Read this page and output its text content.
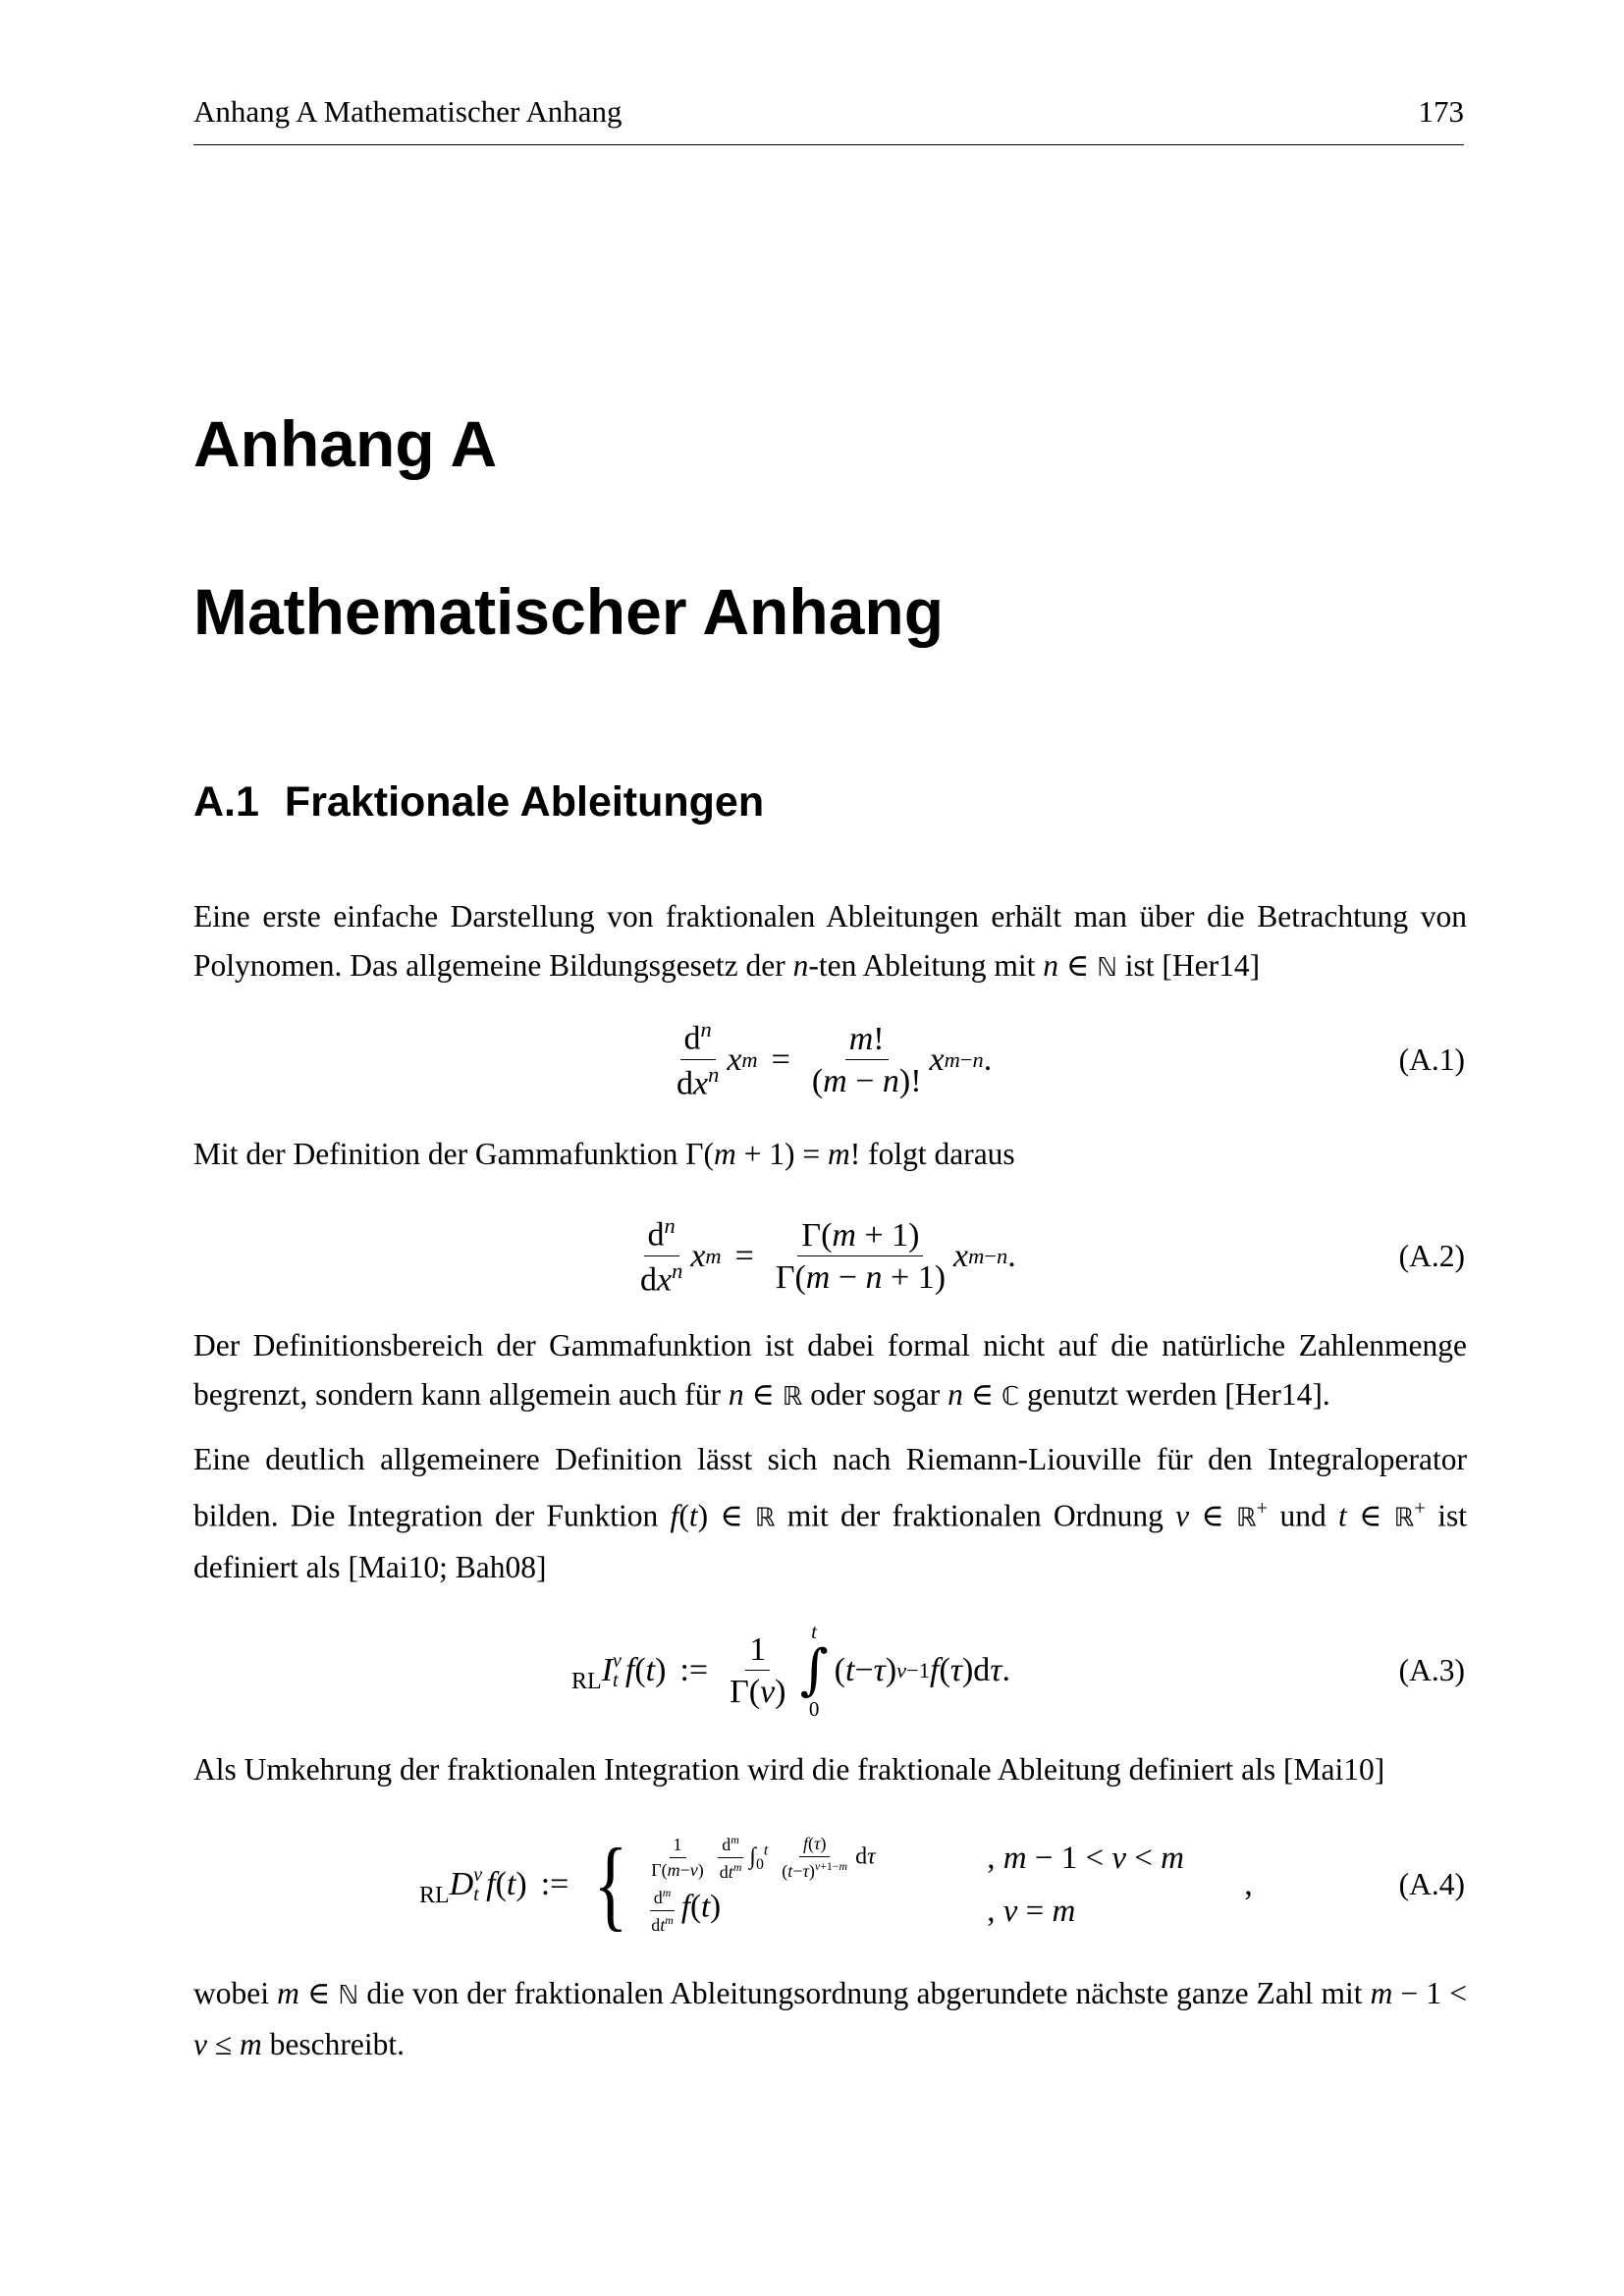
Anhang A Mathematischer Anhang	173
Anhang A
Mathematischer Anhang
A.1 Fraktionale Ableitungen
Eine erste einfache Darstellung von fraktionalen Ableitungen erhält man über die Betrachtung von Polynomen. Das allgemeine Bildungsgesetz der n-ten Ableitung mit n ∈ ℕ ist [Her14]
$\frac{d^n}{dx^n}$ x $m = \frac{m!}{(m - n)!}$ x m−n .	(A.1)
Mit der Definition der Gammafunktion Γ(m + 1) = m! folgt daraus
$\frac{d^n}{dx^n}$ x $m = \frac{\Gamma(m + 1)}{\Gamma(m - n + 1)}$ x m−n .	(A.2)
Der Definitionsbereich der Gammafunktion ist dabei formal nicht auf die natürliche Zahlenmenge begrenzt, sondern kann allgemein auch für n ∈ ℝ oder sogar n ∈ ℂ genutzt werden [Her14].
Eine deutlich allgemeinere Definition lässt sich nach Riemann-Liouville für den Integraloperator bilden. Die Integration der Funktion f(t) ∈ ℝ mit der fraktionalen Ordnung ν ∈ ℝ+ und t ∈ ℝ+ ist definiert als [Mai10; Bah08]
RL I ν
t f ( t ) := $\frac{1}{\Gamma(\nu)}$
t
∫
0
( t − τ ) ν−1 f ( τ )d τ .	(A.3)
Als Umkehrung der fraktionalen Integration wird die fraktionale Ableitung definiert als [Mai10]
RL D ν
t f ( t ) := { $\frac{1}{\Gamma(m-\nu)} \frac{d^m}{dt^m} \int_0^t \frac{f(\tau)}{(t-\tau)^{\nu+1-m}}$ dτ	, m − 1 < ν < m
$\frac{d^m}{dt^m} f(t)$	, ν = m
,	(A.4)
wobei m ∈ ℕ die von der fraktionalen Ableitungsordnung abgerundete nächste ganze Zahl mit m − 1 < ν ≤ m beschreibt.
